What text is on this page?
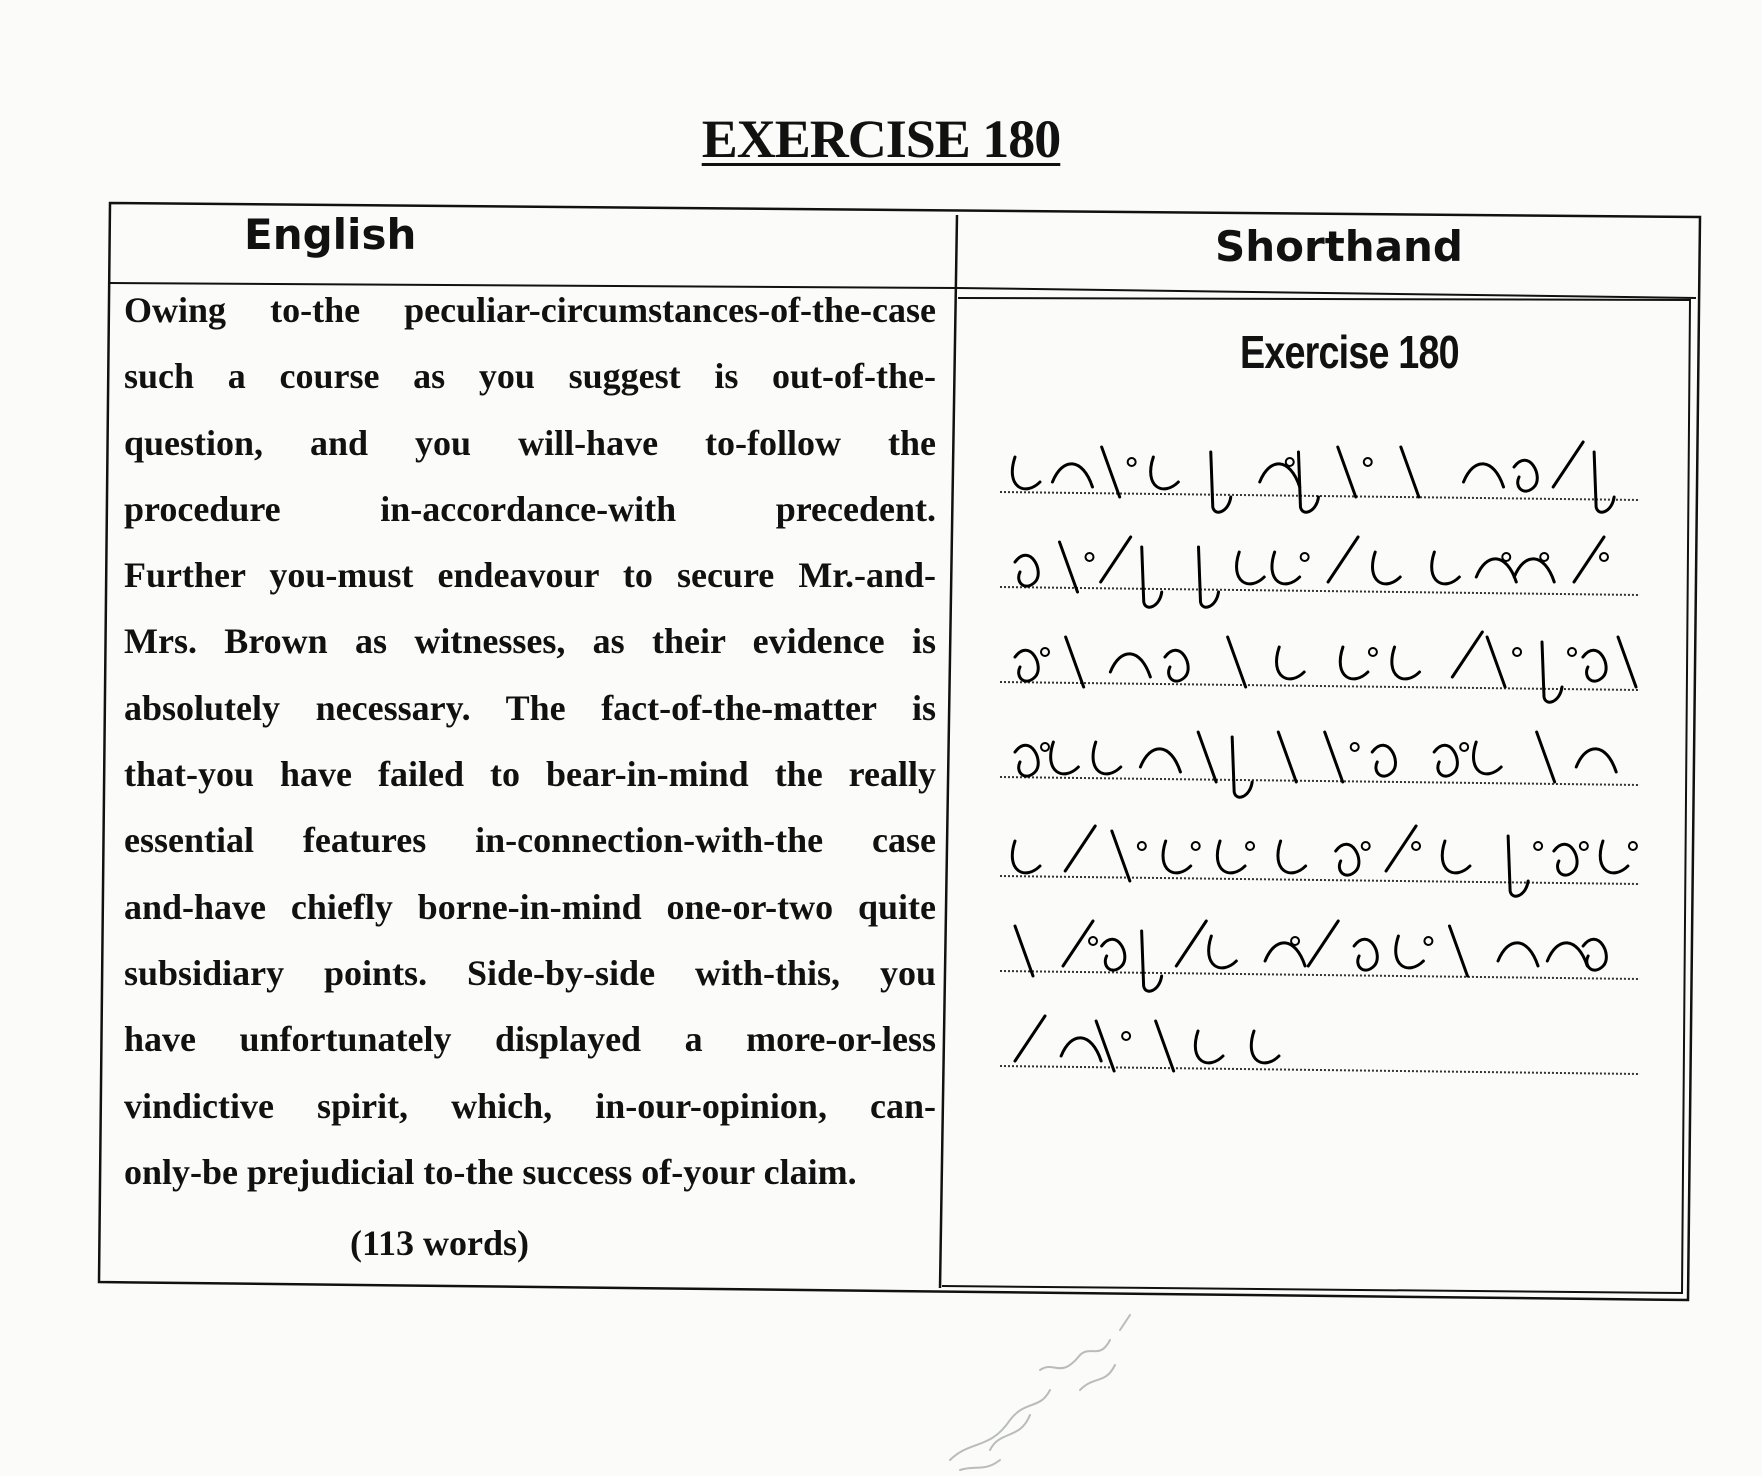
EXERCISE 180
English	Shorthand
Owing to-the peculiar-circumstances-of-the-case
such a course as you suggest is out-of-the-
question, and you will-have to-follow the
procedure in-accordance-with precedent.
Further you-must endeavour to secure Mr.-and-
Mrs. Brown as witnesses, as their evidence is
absolutely necessary. The fact-of-the-matter is
that-you have failed to bear-in-mind the really
essential features in-connection-with-the case
and-have chiefly borne-in-mind one-or-two quite
subsidiary points. Side-by-side with-this, you
have unfortunately displayed a more-or-less
vindictive spirit, which, in-our-opinion, can-
only-be prejudicial to-the success of-your claim.
(113 words)
Exercise 180
